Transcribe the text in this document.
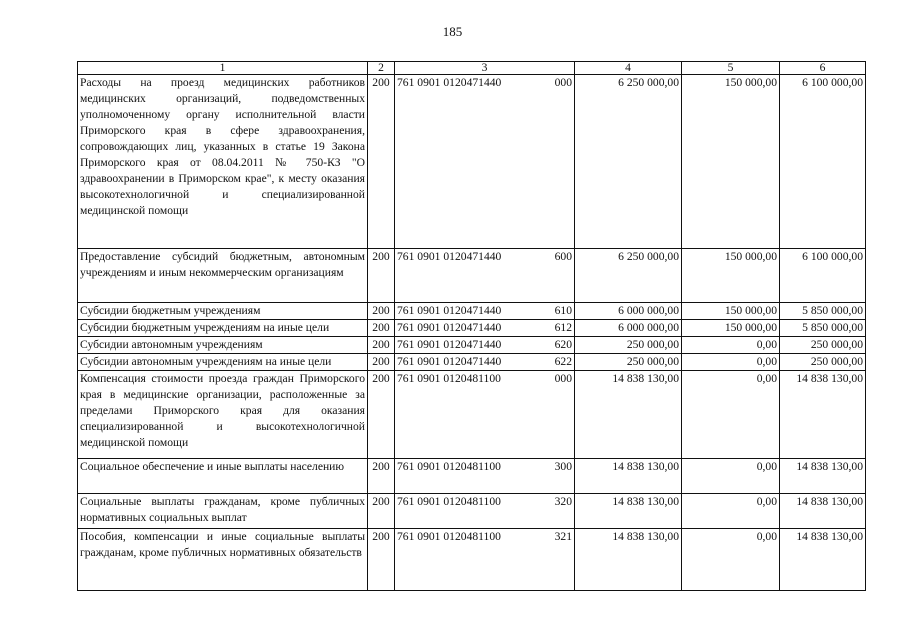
185
1	2	3	4	5	6
Расходы на проезд медицинских работников медицинских организаций, подведомственных уполномоченному органу исполнительной власти Приморского края в сфере здравоохранения, сопровождающих лиц, указанных в статье 19 Закона Приморского края от 08.04.2011 № 750-КЗ "О здравоохранении в Приморском крае", к месту оказания высокотехнологичной и специализированной медицинской помощи	200	761 0901 0120471440 000	6 250 000,00	150 000,00	6 100 000,00
Предоставление субсидий бюджетным, автономным учреждениям и иным некоммерческим организациям	200	761 0901 0120471440 600	6 250 000,00	150 000,00	6 100 000,00
Субсидии бюджетным учреждениям	200	761 0901 0120471440 610	6 000 000,00	150 000,00	5 850 000,00
Субсидии бюджетным учреждениям на иные цели	200	761 0901 0120471440 612	6 000 000,00	150 000,00	5 850 000,00
Субсидии автономным учреждениям	200	761 0901 0120471440 620	250 000,00	0,00	250 000,00
Субсидии автономным учреждениям на иные цели	200	761 0901 0120471440 622	250 000,00	0,00	250 000,00
Компенсация стоимости проезда граждан Приморского края в медицинские организации, расположенные за пределами Приморского края для оказания специализированной и высокотехнологичной медицинской помощи	200	761 0901 0120481100 000	14 838 130,00	0,00	14 838 130,00
Социальное обеспечение и иные выплаты населению	200	761 0901 0120481100 300	14 838 130,00	0,00	14 838 130,00
Социальные выплаты гражданам, кроме публичных нормативных социальных выплат	200	761 0901 0120481100 320	14 838 130,00	0,00	14 838 130,00
Пособия, компенсации и иные социальные выплаты гражданам, кроме публичных нормативных обязательств	200	761 0901 0120481100 321	14 838 130,00	0,00	14 838 130,00
